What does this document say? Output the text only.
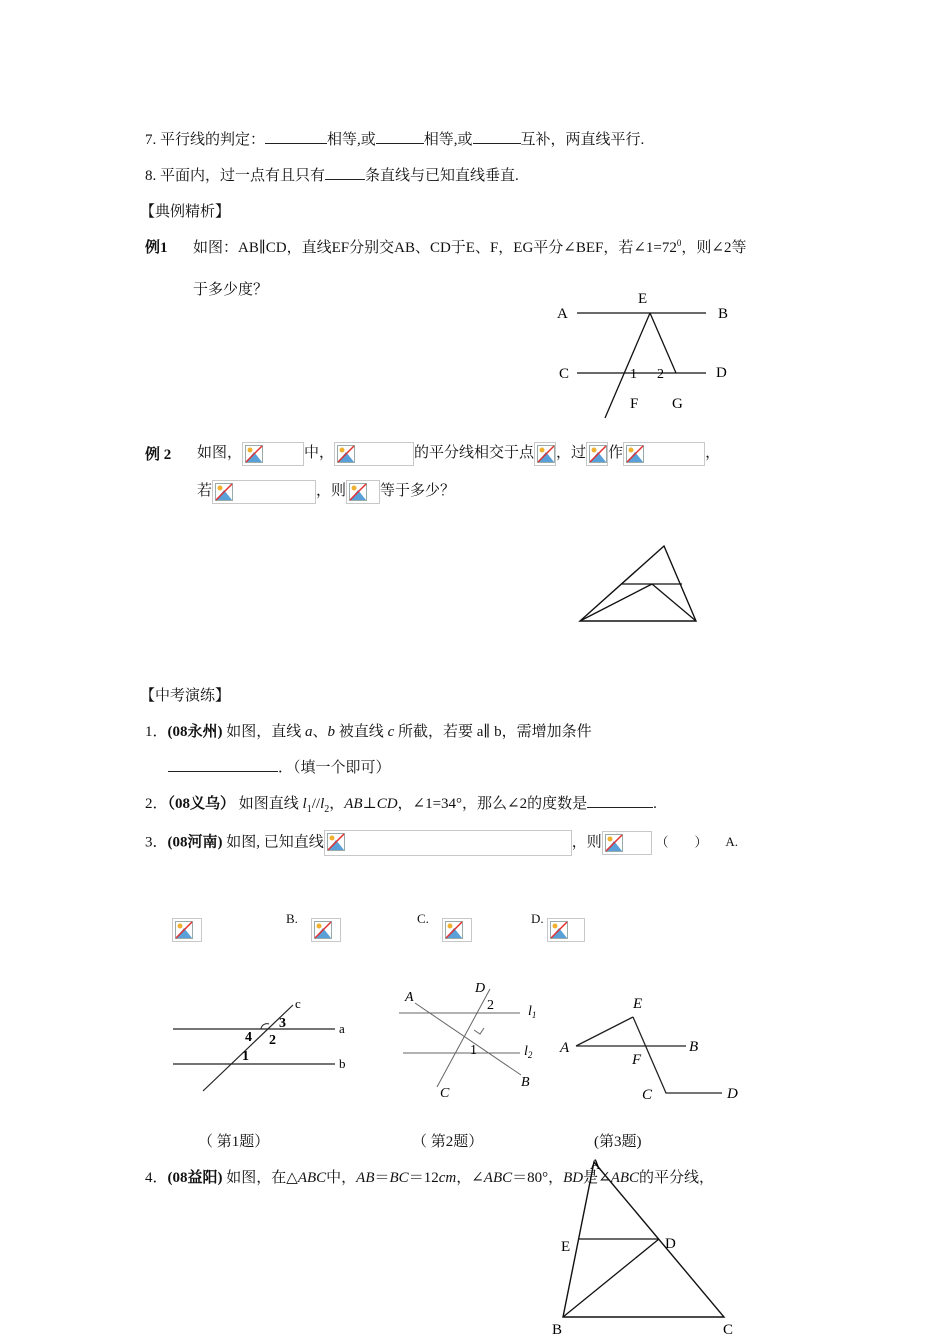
7. 平行线的判定：	相等,或	相等,或	互补，两直线平行.
8. 平面内，过一点有且只有	条直线与已知直线垂直.
【典例精析】
例1 如图：AB∥CD，直线EF分别交AB、CD于E、F，EG平分∠BEF，若$\angle 1=72^0$，则∠2等
于多少度？
A	B
C	D
E
F G
1 2
例 2 如图，	中，	的平分线相交于点 ，过 作	，
若	，则 等于多少？
【中考演练】
1．(08永州) 如图，直线 a、b 被直线 c 所截，若要 a∥ b，需增加条件
．（填一个即可）
2．（08义乌） 如图直线 $l_1//l_2$，AB⊥CD，∠1=34°，那么∠2的度数是	.
3．(08河南) 如图, 已知直线	，则	（　　） A.
B.	C.	D.
a
b
c
1
2
3
4
（ 第1题）
A
B
C
D
$l_1$
$l_2$
1
2
（ 第2题）
A	B
C	D
E
F
(第3题)
4．(08益阳) 如图，在△ABC中，AB＝BC＝12cm，∠ABC＝80°，BD是∠ABC的平分线，
A
B	C
D
E
